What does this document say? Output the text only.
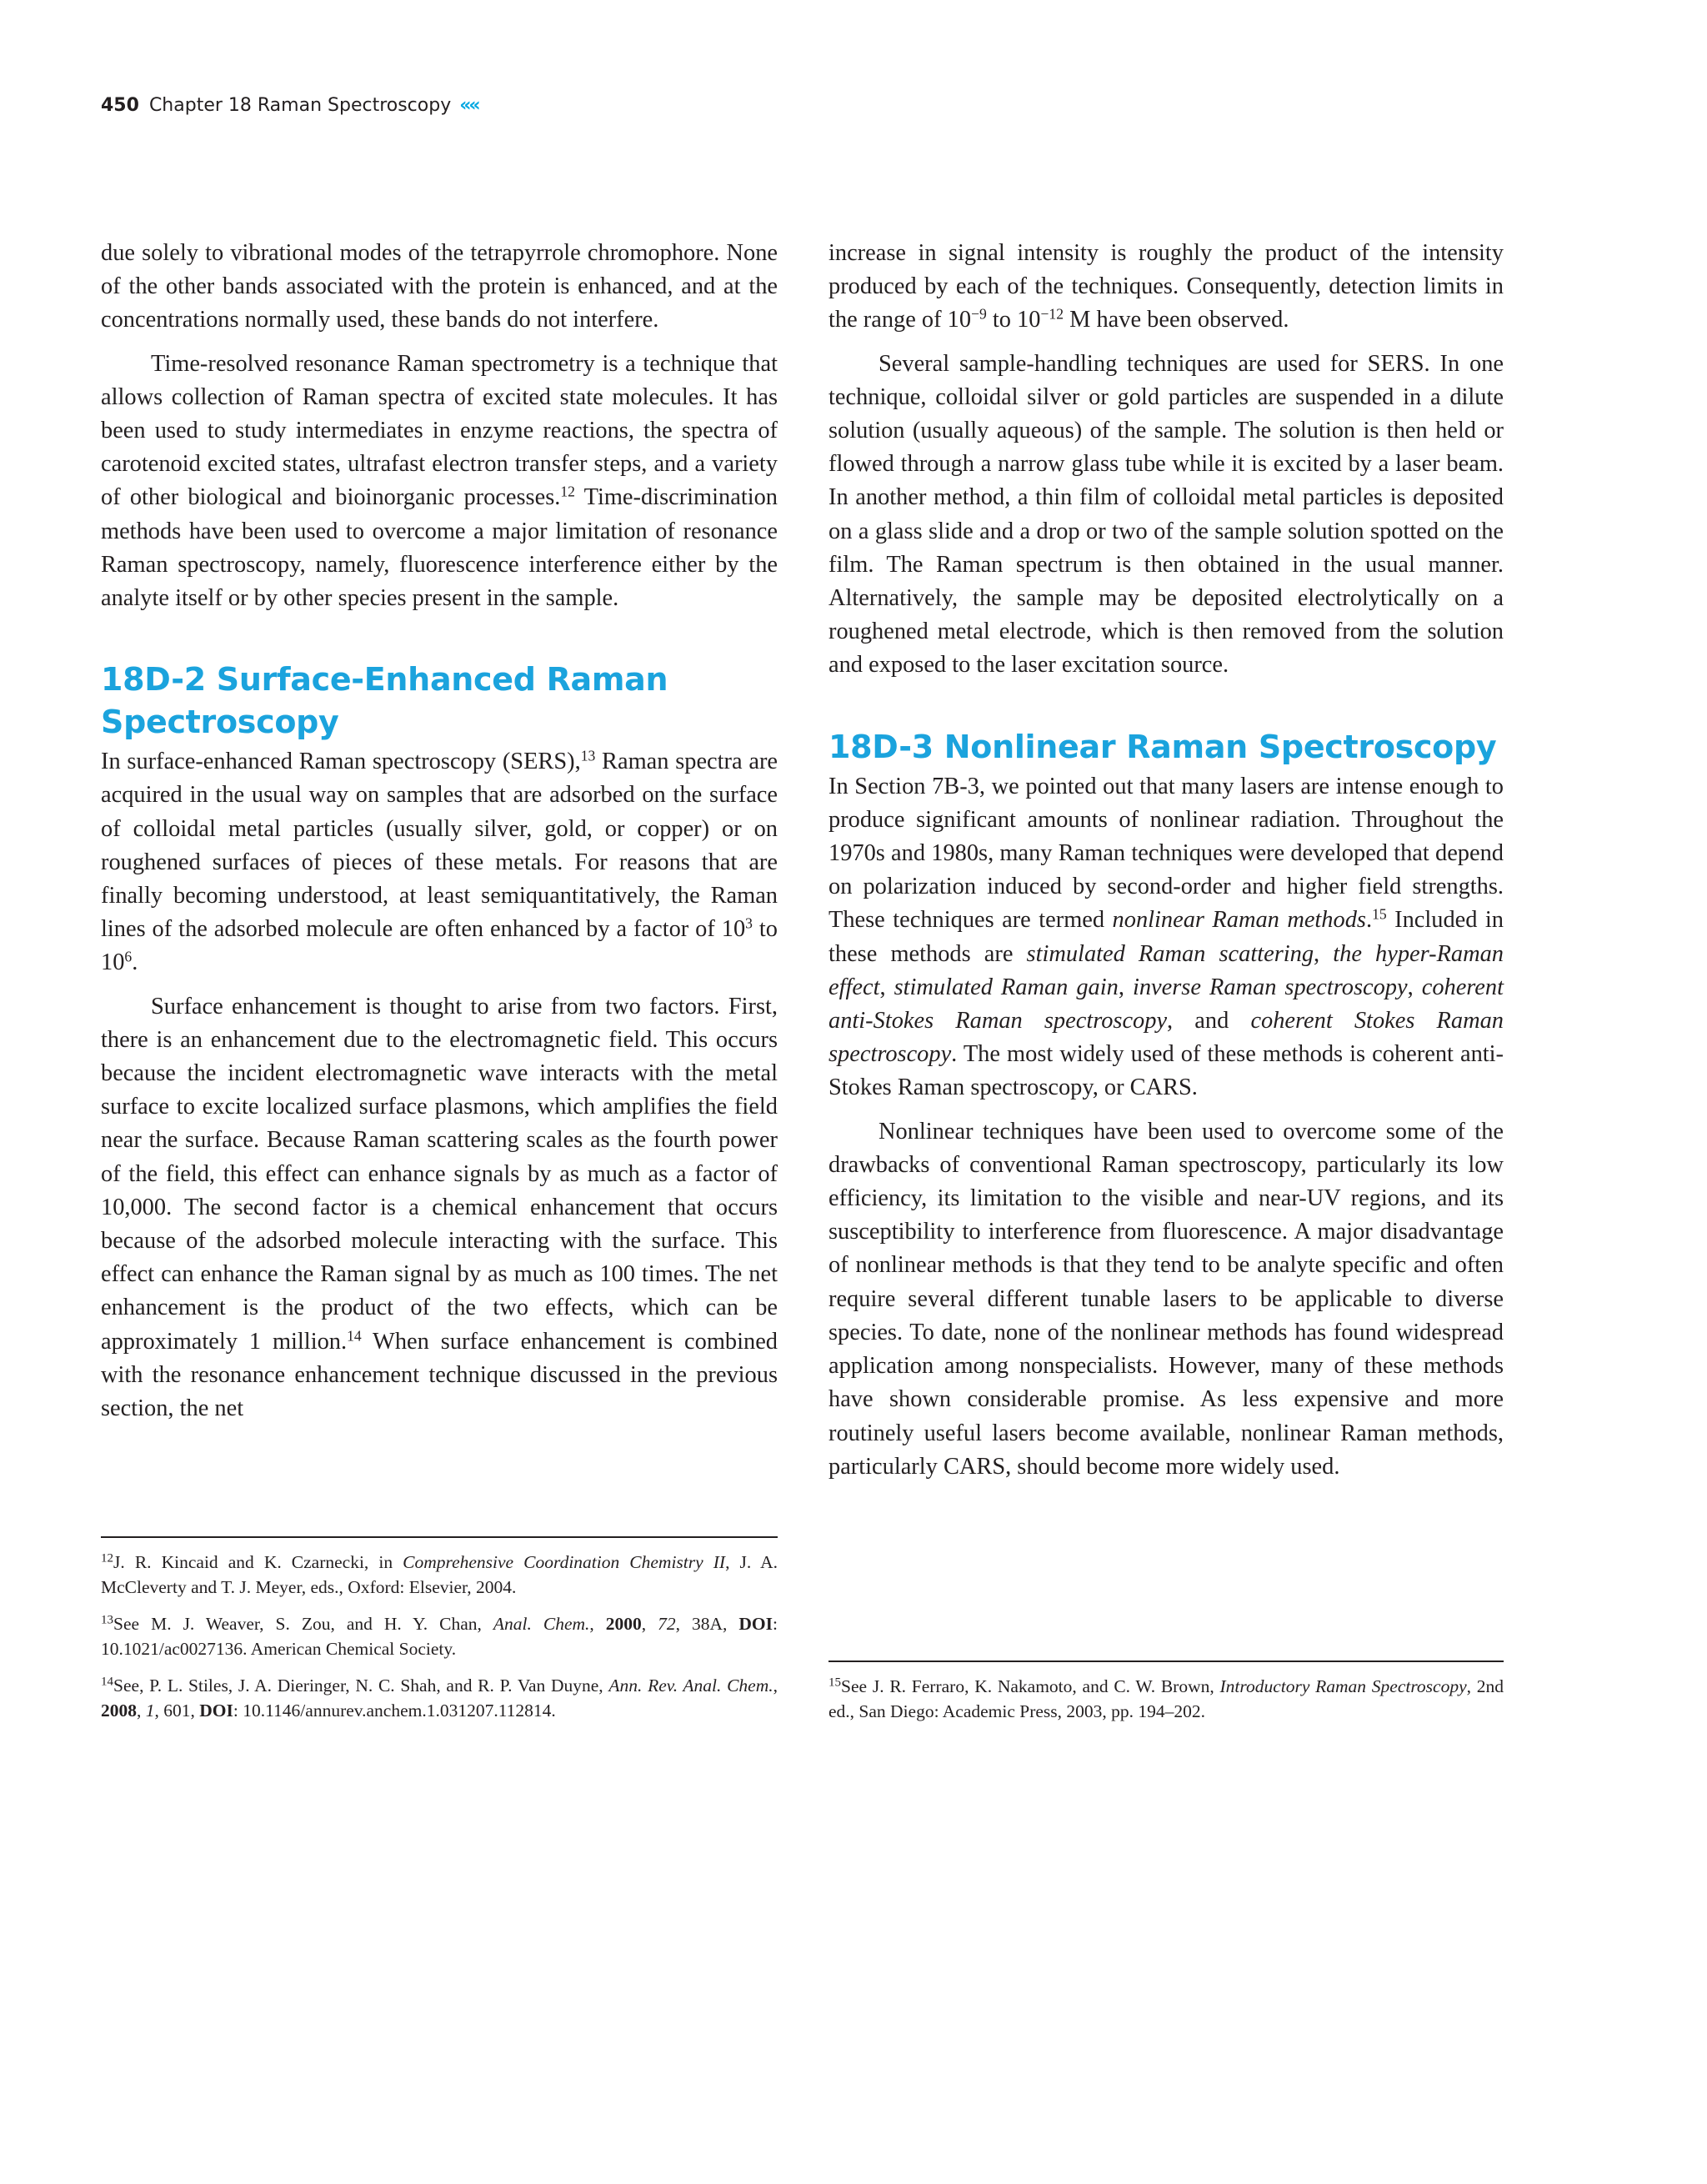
450 Chapter 18 Raman Spectroscopy ««

due solely to vibrational modes of the tetrapyrrole chromophore. None of the other bands associated with the protein is enhanced, and at the concentrations normally used, these bands do not interfere.

Time-resolved resonance Raman spectrometry is a technique that allows collection of Raman spectra of excited state molecules. It has been used to study intermediates in enzyme reactions, the spectra of carotenoid excited states, ultrafast electron transfer steps, and a variety of other biological and bioinorganic processes.$^{12}$ Time-discrimination methods have been used to overcome a major limitation of resonance Raman spectroscopy, namely, fluorescence interference either by the analyte itself or by other species present in the sample.

18D-2 Surface-Enhanced Raman Spectroscopy

In surface-enhanced Raman spectroscopy (SERS),$^{13}$ Raman spectra are acquired in the usual way on samples that are adsorbed on the surface of colloidal metal particles (usually silver, gold, or copper) or on roughened surfaces of pieces of these metals. For reasons that are finally becoming understood, at least semiquantitatively, the Raman lines of the adsorbed molecule are often enhanced by a factor of $10^3$ to $10^6$.

Surface enhancement is thought to arise from two factors. First, there is an enhancement due to the electromagnetic field. This occurs because the incident electromagnetic wave interacts with the metal surface to excite localized surface plasmons, which amplifies the field near the surface. Because Raman scattering scales as the fourth power of the field, this effect can enhance signals by as much as a factor of 10,000. The second factor is a chemical enhancement that occurs because of the adsorbed molecule interacting with the surface. This effect can enhance the Raman signal by as much as 100 times. The net enhancement is the product of the two effects, which can be approximately 1 million.$^{14}$ When surface enhancement is combined with the resonance enhancement technique discussed in the previous section, the net

increase in signal intensity is roughly the product of the intensity produced by each of the techniques. Consequently, detection limits in the range of $10^{-9}$ to $10^{-12}$ M have been observed.

Several sample-handling techniques are used for SERS. In one technique, colloidal silver or gold particles are suspended in a dilute solution (usually aqueous) of the sample. The solution is then held or flowed through a narrow glass tube while it is excited by a laser beam. In another method, a thin film of colloidal metal particles is deposited on a glass slide and a drop or two of the sample solution spotted on the film. The Raman spectrum is then obtained in the usual manner. Alternatively, the sample may be deposited electrolytically on a roughened metal electrode, which is then removed from the solution and exposed to the laser excitation source.

18D-3 Nonlinear Raman Spectroscopy

In Section 7B-3, we pointed out that many lasers are intense enough to produce significant amounts of nonlinear radiation. Throughout the 1970s and 1980s, many Raman techniques were developed that depend on polarization induced by second-order and higher field strengths. These techniques are termed nonlinear Raman methods.$^{15}$ Included in these methods are stimulated Raman scattering, the hyper-Raman effect, stimulated Raman gain, inverse Raman spectroscopy, coherent anti-Stokes Raman spectroscopy, and coherent Stokes Raman spectroscopy. The most widely used of these methods is coherent anti-Stokes Raman spectroscopy, or CARS.

Nonlinear techniques have been used to overcome some of the drawbacks of conventional Raman spectroscopy, particularly its low efficiency, its limitation to the visible and near-UV regions, and its susceptibility to interference from fluorescence. A major disadvantage of nonlinear methods is that they tend to be analyte specific and often require several different tunable lasers to be applicable to diverse species. To date, none of the nonlinear methods has found widespread application among nonspecialists. However, many of these methods have shown considerable promise. As less expensive and more routinely useful lasers become available, nonlinear Raman methods, particularly CARS, should become more widely used.

$^{12}$J. R. Kincaid and K. Czarnecki, in Comprehensive Coordination Chemistry II, J. A. McCleverty and T. J. Meyer, eds., Oxford: Elsevier, 2004.

$^{13}$See M. J. Weaver, S. Zou, and H. Y. Chan, Anal. Chem., 2000, 72, 38A, DOI: 10.1021/ac0027136. American Chemical Society.

$^{14}$See, P. L. Stiles, J. A. Dieringer, N. C. Shah, and R. P. Van Duyne, Ann. Rev. Anal. Chem., 2008, 1, 601, DOI: 10.1146/annurev.anchem.1.031207.112814.

$^{15}$See J. R. Ferraro, K. Nakamoto, and C. W. Brown, Introductory Raman Spectroscopy, 2nd ed., San Diego: Academic Press, 2003, pp. 194–202.
